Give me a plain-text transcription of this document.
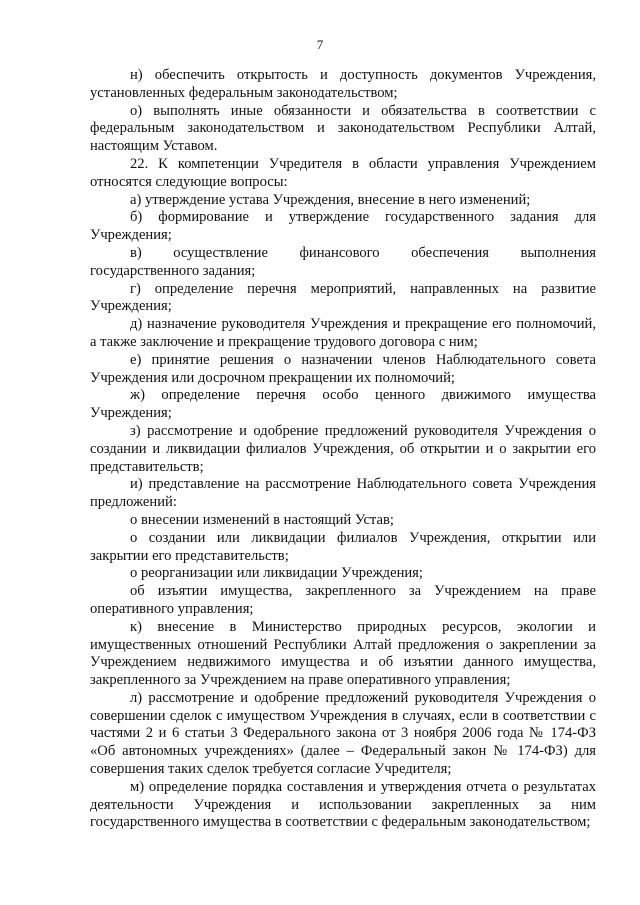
7

н) обеспечить открытость и доступность документов Учреждения, установленных федеральным законодательством;

о) выполнять иные обязанности и обязательства в соответствии с федеральным законодательством и законодательством Республики Алтай, настоящим Уставом.

22. К компетенции Учредителя в области управления Учреждением относятся следующие вопросы:

а) утверждение устава Учреждения, внесение в него изменений;

б) формирование и утверждение государственного задания для Учреждения;

в) осуществление финансового обеспечения выполнения государственного задания;

г) определение перечня мероприятий, направленных на развитие Учреждения;

д) назначение руководителя Учреждения и прекращение его полномочий, а также заключение и прекращение трудового договора с ним;

е) принятие решения о назначении членов Наблюдательного совета Учреждения или досрочном прекращении их полномочий;

ж) определение перечня особо ценного движимого имущества Учреждения;

з) рассмотрение и одобрение предложений руководителя Учреждения о создании и ликвидации филиалов Учреждения, об открытии и о закрытии его представительств;

и) представление на рассмотрение Наблюдательного совета Учреждения предложений:

о внесении изменений в настоящий Устав;

о создании или ликвидации филиалов Учреждения, открытии или закрытии его представительств;

о реорганизации или ликвидации Учреждения;

об изъятии имущества, закрепленного за Учреждением на праве оперативного управления;

к) внесение в Министерство природных ресурсов, экологии и имущественных отношений Республики Алтай предложения о закреплении за Учреждением недвижимого имущества и об изъятии данного имущества, закрепленного за Учреждением на праве оперативного управления;

л) рассмотрение и одобрение предложений руководителя Учреждения о совершении сделок с имуществом Учреждения в случаях, если в соответствии с частями 2 и 6 статьи 3 Федерального закона от 3 ноября 2006 года № 174-ФЗ «Об автономных учреждениях» (далее – Федеральный закон № 174-ФЗ) для совершения таких сделок требуется согласие Учредителя;

м) определение порядка составления и утверждения отчета о результатах деятельности Учреждения и использовании закрепленных за ним государственного имущества в соответствии с федеральным законодательством;
